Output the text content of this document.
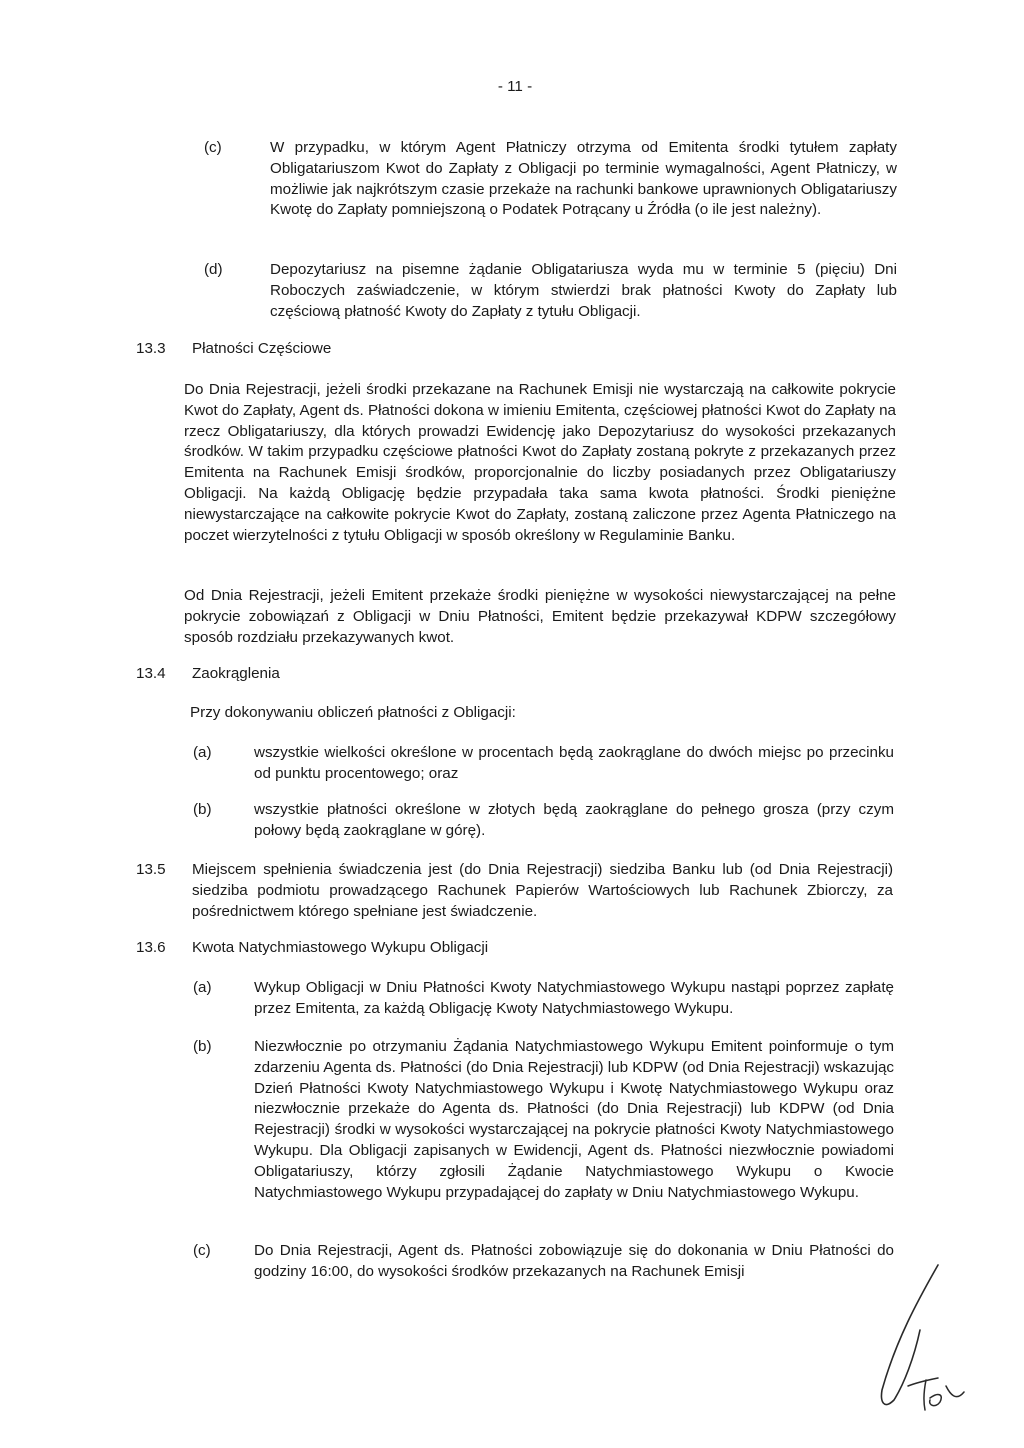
- 11 -
(c)	W przypadku, w którym Agent Płatniczy otrzyma od Emitenta środki tytułem zapłaty Obligatariuszom Kwot do Zapłaty z Obligacji po terminie wymagalności, Agent Płatniczy, w możliwie jak najkrótszym czasie przekaże na rachunki bankowe uprawnionych Obligatariuszy Kwotę do Zapłaty pomniejszoną o Podatek Potrącany u Źródła (o ile jest należny).

(d)	Depozytariusz na pisemne żądanie Obligatariusza wyda mu w terminie 5 (pięciu) Dni Roboczych zaświadczenie, w którym stwierdzi brak płatności Kwoty do Zapłaty lub częściową płatność Kwoty do Zapłaty z tytułu Obligacji.

13.3 Płatności Częściowe

Do Dnia Rejestracji, jeżeli środki przekazane na Rachunek Emisji nie wystarczają na całkowite pokrycie Kwot do Zapłaty, Agent ds. Płatności dokona w imieniu Emitenta, częściowej płatności Kwot do Zapłaty na rzecz Obligatariuszy, dla których prowadzi Ewidencję jako Depozytariusz do wysokości przekazanych środków. W takim przypadku częściowe płatności Kwot do Zapłaty zostaną pokryte z przekazanych przez Emitenta na Rachunek Emisji środków, proporcjonalnie do liczby posiadanych przez Obligatariuszy Obligacji. Na każdą Obligację będzie przypadała taka sama kwota płatności. Środki pieniężne niewystarczające na całkowite pokrycie Kwot do Zapłaty, zostaną zaliczone przez Agenta Płatniczego na poczet wierzytelności z tytułu Obligacji w sposób określony w Regulaminie Banku.

Od Dnia Rejestracji, jeżeli Emitent przekaże środki pieniężne w wysokości niewystarczającej na pełne pokrycie zobowiązań z Obligacji w Dniu Płatności, Emitent będzie przekazywał KDPW szczegółowy sposób rozdziału przekazywanych kwot.

13.4 Zaokrąglenia
Przy dokonywaniu obliczeń płatności z Obligacji:
(a)	wszystkie wielkości określone w procentach będą zaokrąglane do dwóch miejsc po przecinku od punktu procentowego; oraz

(b)	wszystkie płatności określone w złotych będą zaokrąglane do pełnego grosza (przy czym połowy będą zaokrąglane w górę).

13.5 Miejscem spełnienia świadczenia jest (do Dnia Rejestracji) siedziba Banku lub (od Dnia Rejestracji) siedziba podmiotu prowadzącego Rachunek Papierów Wartościowych lub Rachunek Zbiorczy, za pośrednictwem którego spełniane jest świadczenie.

13.6 Kwota Natychmiastowego Wykupu Obligacji
(a)	Wykup Obligacji w Dniu Płatności Kwoty Natychmiastowego Wykupu nastąpi poprzez zapłatę przez Emitenta, za każdą Obligację Kwoty Natychmiastowego Wykupu.

(b)	Niezwłocznie po otrzymaniu Żądania Natychmiastowego Wykupu Emitent poinformuje o tym zdarzeniu Agenta ds. Płatności (do Dnia Rejestracji) lub KDPW (od Dnia Rejestracji) wskazując Dzień Płatności Kwoty Natychmiastowego Wykupu i Kwotę Natychmiastowego Wykupu oraz niezwłocznie przekaże do Agenta ds. Płatności (do Dnia Rejestracji) lub KDPW (od Dnia Rejestracji) środki w wysokości wystarczającej na pokrycie płatności Kwoty Natychmiastowego Wykupu. Dla Obligacji zapisanych w Ewidencji, Agent ds. Płatności niezwłocznie powiadomi Obligatariuszy, którzy zgłosili Żądanie Natychmiastowego Wykupu o Kwocie Natychmiastowego Wykupu przypadającej do zapłaty w Dniu Natychmiastowego Wykupu.

(c)	Do Dnia Rejestracji, Agent ds. Płatności zobowiązuje się do dokonania w Dniu Płatności do godziny 16:00, do wysokości środków przekazanych na Rachunek Emisji
